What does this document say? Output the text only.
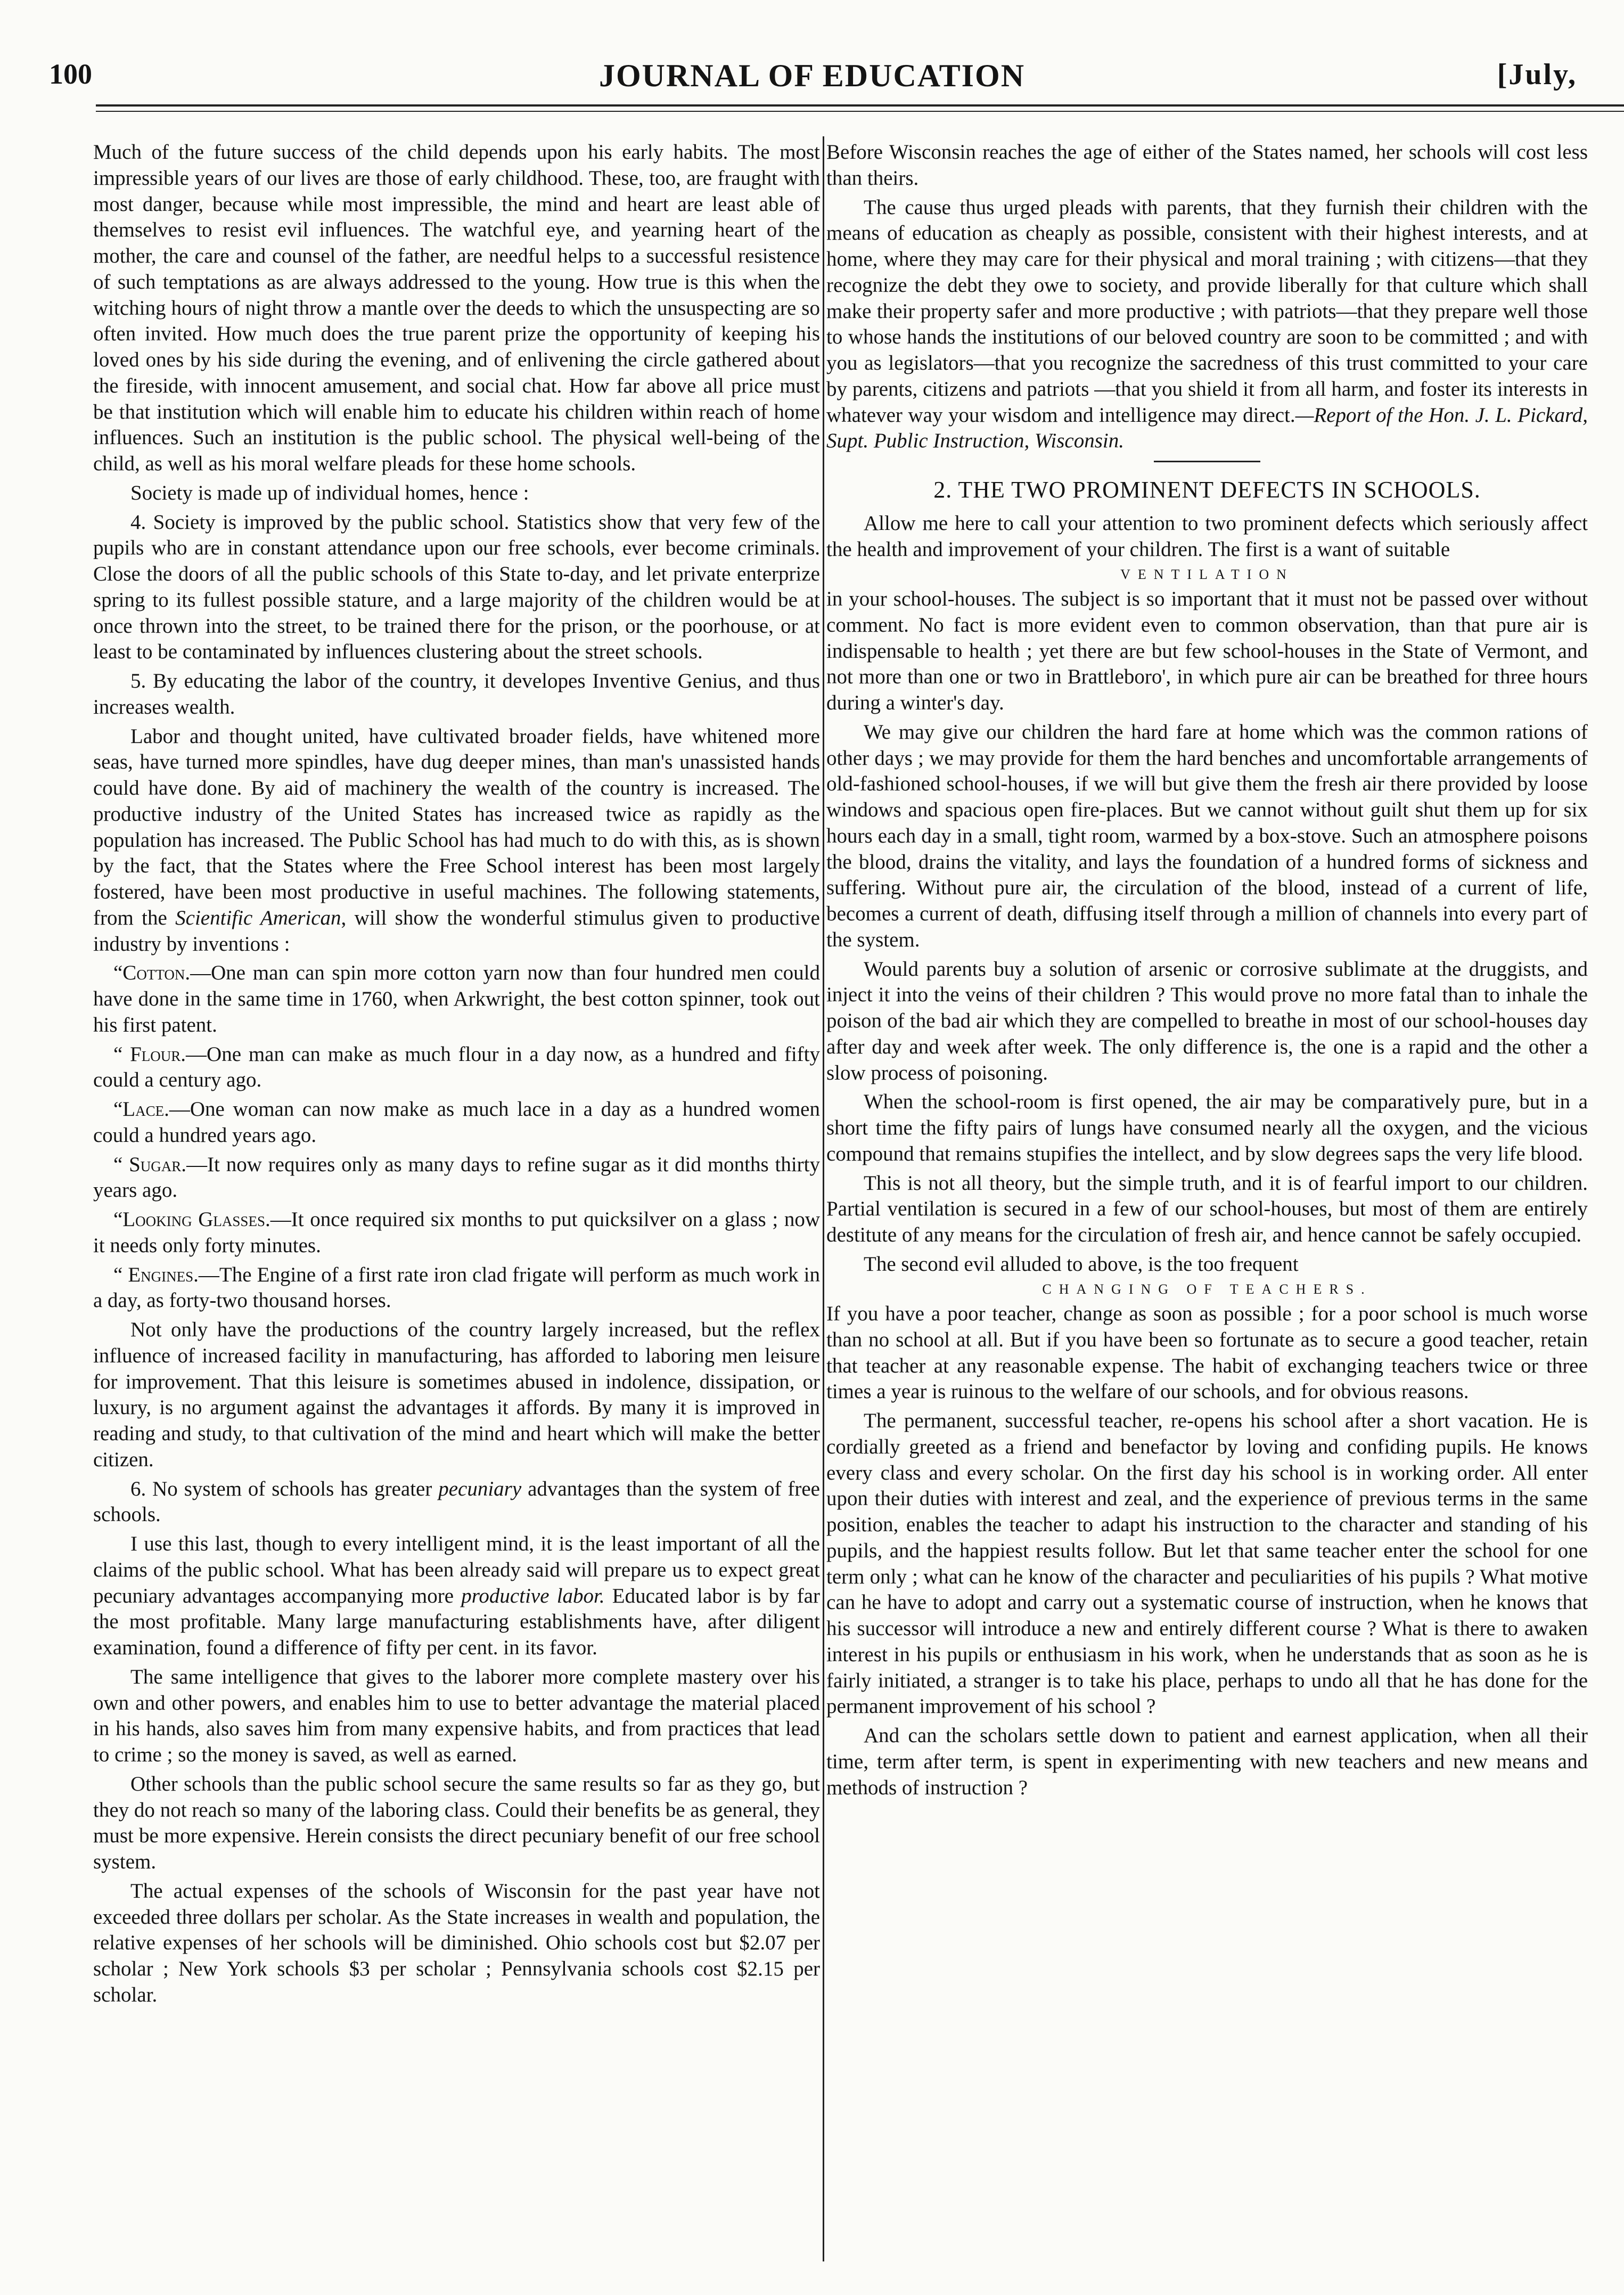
100	JOURNAL OF EDUCATION	[July,

Much of the future success of the child depends upon his early habits. The most impressible years of our lives are those of early childhood. These, too, are fraught with most danger, because while most impressible, the mind and heart are least able of themselves to resist evil influences. The watchful eye, and yearning heart of the mother, the care and counsel of the father, are needful helps to a successful resistence of such temptations as are always addressed to the young. How true is this when the witching hours of night throw a mantle over the deeds to which the unsuspecting are so often invited. How much does the true parent prize the opportunity of keeping his loved ones by his side during the evening, and of enlivening the circle gathered about the fireside, with innocent amusement, and social chat. How far above all price must be that institution which will enable him to educate his children within reach of home influences. Such an institution is the public school. The physical well-being of the child, as well as his moral welfare pleads for these home schools.

Society is made up of individual homes, hence :

4. Society is improved by the public school. Statistics show that very few of the pupils who are in constant attendance upon our free schools, ever become criminals. Close the doors of all the public schools of this State to-day, and let private enterprize spring to its fullest possible stature, and a large majority of the children would be at once thrown into the street, to be trained there for the prison, or the poorhouse, or at least to be contaminated by influences clustering about the street schools.

5. By educating the labor of the country, it developes Inventive Genius, and thus increases wealth.

Labor and thought united, have cultivated broader fields, have whitened more seas, have turned more spindles, have dug deeper mines, than man's unassisted hands could have done. By aid of machinery the wealth of the country is increased. The productive industry of the United States has increased twice as rapidly as the population has increased. The Public School has had much to do with this, as is shown by the fact, that the States where the Free School interest has been most largely fostered, have been most productive in useful machines. The following statements, from the Scientific American, will show the wonderful stimulus given to productive industry by inventions :

“Cotton.—One man can spin more cotton yarn now than four hundred men could have done in the same time in 1760, when Arkwright, the best cotton spinner, took out his first patent.

“ Flour.—One man can make as much flour in a day now, as a hundred and fifty could a century ago.

“Lace.—One woman can now make as much lace in a day as a hundred women could a hundred years ago.

“ Sugar.—It now requires only as many days to refine sugar as it did months thirty years ago.

“Looking Glasses.—It once required six months to put quicksilver on a glass ; now it needs only forty minutes.

“ Engines.—The Engine of a first rate iron clad frigate will perform as much work in a day, as forty-two thousand horses.

Not only have the productions of the country largely increased, but the reflex influence of increased facility in manufacturing, has afforded to laboring men leisure for improvement. That this leisure is sometimes abused in indolence, dissipation, or luxury, is no argument against the advantages it affords. By many it is improved in reading and study, to that cultivation of the mind and heart which will make the better citizen.

6. No system of schools has greater pecuniary advantages than the system of free schools.

I use this last, though to every intelligent mind, it is the least important of all the claims of the public school. What has been already said will prepare us to expect great pecuniary advantages accompanying more productive labor. Educated labor is by far the most profitable. Many large manufacturing establishments have, after diligent examination, found a difference of fifty per cent. in its favor.

The same intelligence that gives to the laborer more complete mastery over his own and other powers, and enables him to use to better advantage the material placed in his hands, also saves him from many expensive habits, and from practices that lead to crime ; so the money is saved, as well as earned.

Other schools than the public school secure the same results so far as they go, but they do not reach so many of the laboring class. Could their benefits be as general, they must be more expensive. Herein consists the direct pecuniary benefit of our free school system.

The actual expenses of the schools of Wisconsin for the past year have not exceeded three dollars per scholar. As the State increases in wealth and population, the relative expenses of her schools will be diminished. Ohio schools cost but $2.07 per scholar ; New York schools $3 per scholar ; Pennsylvania schools cost $2.15 per scholar.

Before Wisconsin reaches the age of either of the States named, her schools will cost less than theirs.

The cause thus urged pleads with parents, that they furnish their children with the means of education as cheaply as possible, consistent with their highest interests, and at home, where they may care for their physical and moral training ; with citizens—that they recognize the debt they owe to society, and provide liberally for that culture which shall make their property safer and more productive ; with patriots—that they prepare well those to whose hands the institutions of our beloved country are soon to be committed ; and with you as legislators—that you recognize the sacredness of this trust committed to your care by parents, citizens and patriots —that you shield it from all harm, and foster its interests in whatever way your wisdom and intelligence may direct.—Report of the Hon. J. L. Pickard, Supt. Public Instruction, Wisconsin.

2. THE TWO PROMINENT DEFECTS IN SCHOOLS.

Allow me here to call your attention to two prominent defects which seriously affect the health and improvement of your children. The first is a want of suitable

VENTILATION

in your school-houses. The subject is so important that it must not be passed over without comment. No fact is more evident even to common observation, than that pure air is indispensable to health ; yet there are but few school-houses in the State of Vermont, and not more than one or two in Brattleboro', in which pure air can be breathed for three hours during a winter's day.

We may give our children the hard fare at home which was the common rations of other days ; we may provide for them the hard benches and uncomfortable arrangements of old-fashioned school-houses, if we will but give them the fresh air there provided by loose windows and spacious open fire-places. But we cannot without guilt shut them up for six hours each day in a small, tight room, warmed by a box-stove. Such an atmosphere poisons the blood, drains the vitality, and lays the foundation of a hundred forms of sickness and suffering. Without pure air, the circulation of the blood, instead of a current of life, becomes a current of death, diffusing itself through a million of channels into every part of the system.

Would parents buy a solution of arsenic or corrosive sublimate at the druggists, and inject it into the veins of their children ? This would prove no more fatal than to inhale the poison of the bad air which they are compelled to breathe in most of our school-houses day after day and week after week. The only difference is, the one is a rapid and the other a slow process of poisoning.

When the school-room is first opened, the air may be comparatively pure, but in a short time the fifty pairs of lungs have consumed nearly all the oxygen, and the vicious compound that remains stupifies the intellect, and by slow degrees saps the very life blood.

This is not all theory, but the simple truth, and it is of fearful import to our children. Partial ventilation is secured in a few of our school-houses, but most of them are entirely destitute of any means for the circulation of fresh air, and hence cannot be safely occupied.

The second evil alluded to above, is the too frequent

CHANGING OF TEACHERS.

If you have a poor teacher, change as soon as possible ; for a poor school is much worse than no school at all. But if you have been so fortunate as to secure a good teacher, retain that teacher at any reasonable expense. The habit of exchanging teachers twice or three times a year is ruinous to the welfare of our schools, and for obvious reasons.

The permanent, successful teacher, re-opens his school after a short vacation. He is cordially greeted as a friend and benefactor by loving and confiding pupils. He knows every class and every scholar. On the first day his school is in working order. All enter upon their duties with interest and zeal, and the experience of previous terms in the same position, enables the teacher to adapt his instruction to the character and standing of his pupils, and the happiest results follow. But let that same teacher enter the school for one term only ; what can he know of the character and peculiarities of his pupils ? What motive can he have to adopt and carry out a systematic course of instruction, when he knows that his successor will introduce a new and entirely different course ? What is there to awaken interest in his pupils or enthusiasm in his work, when he understands that as soon as he is fairly initiated, a stranger is to take his place, perhaps to undo all that he has done for the permanent improvement of his school ?

And can the scholars settle down to patient and earnest application, when all their time, term after term, is spent in experimenting with new teachers and new means and methods of instruction ?
